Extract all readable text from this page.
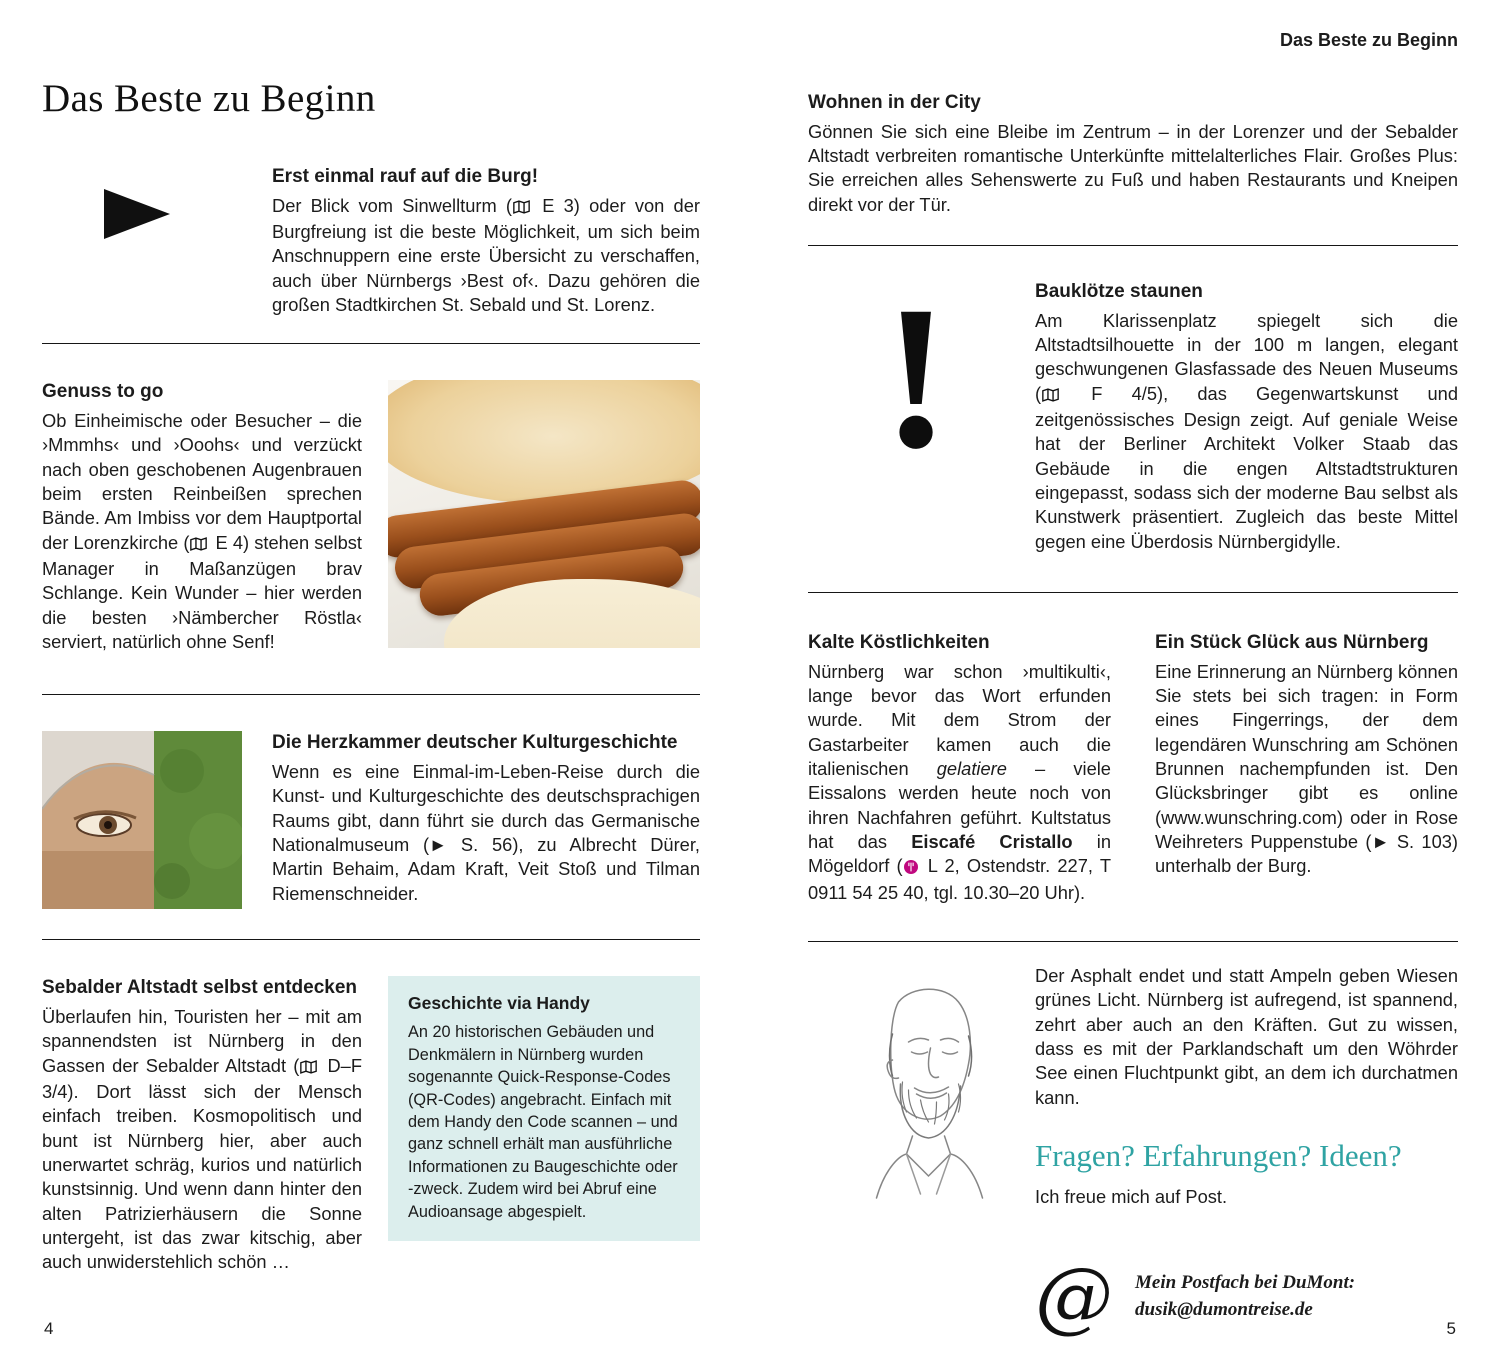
Das Beste zu Beginn
Erst einmal rauf auf die Burg!

Der Blick vom Sinwellturm ( E 3) oder von der Burgfreiung ist die beste Möglichkeit, um sich beim Anschnuppern eine erste Übersicht zu verschaffen, auch über Nürnbergs ›Best of‹. Dazu gehören die großen Stadtkirchen St. Sebald und St. Lorenz.

Genuss to go

Ob Einheimische oder Besucher – die ›Mmmhs‹ und ›Ooohs‹ und verzückt nach oben geschobenen Augenbrauen beim ersten Reinbeißen sprechen Bände. Am Imbiss vor dem Hauptportal der Lorenzkirche ( E 4) stehen selbst Manager in Maßanzügen brav Schlange. Kein Wunder – hier werden die besten ›Nämbercher Röstla‹ serviert, natürlich ohne Senf!

Die Herzkammer deutscher Kulturgeschichte

Wenn es eine Einmal-im-Leben-Reise durch die Kunst- und Kulturgeschichte des deutschsprachigen Raums gibt, dann führt sie durch das Germanische Nationalmuseum (► S. 56), zu Albrecht Dürer, Martin Behaim, Adam Kraft, Veit Stoß und Tilman Riemenschneider.

Sebalder Altstadt selbst entdecken

Überlaufen hin, Touristen her – mit am spannendsten ist Nürnberg in den Gassen der Sebalder Altstadt ( D–F 3/4). Dort lässt sich der Mensch einfach treiben. Kosmopolitisch und bunt ist Nürnberg hier, aber auch unerwartet schräg, kurios und natürlich kunstsinnig. Und wenn dann hinter den alten Patrizierhäusern die Sonne untergeht, ist das zwar kitschig, aber auch unwiderstehlich schön …

Geschichte via Handy

An 20 historischen Gebäuden und Denkmälern in Nürnberg wurden sogenannte Quick-Response-Codes (QR-Codes) angebracht. Einfach mit dem Handy den Code scannen – und ganz schnell erhält man ausführliche Informationen zu Baugeschichte oder -zweck. Zudem wird bei Abruf eine Audioansage abgespielt.

4
Das Beste zu Beginn
Wohnen in der City

Gönnen Sie sich eine Bleibe im Zentrum – in der Lorenzer und der Sebalder Altstadt verbreiten romantische Unterkünfte mittelalterliches Flair. Großes Plus: Sie erreichen alles Sehenswerte zu Fuß und haben Restaurants und Kneipen direkt vor der Tür.

!	Bauklötze staunen

Am Klarissenplatz spiegelt sich die Altstadtsilhouette in der 100 m langen, elegant geschwungenen Glasfassade des Neuen Museums ( F 4/5), das Gegenwartskunst und zeitgenössisches Design zeigt. Auf geniale Weise hat der Berliner Architekt Volker Staab das Gebäude in die engen Altstadtstrukturen eingepasst, sodass sich der moderne Bau selbst als Kunstwerk präsentiert. Zugleich das beste Mittel gegen eine Überdosis Nürnbergidylle.

Kalte Köstlichkeiten

Nürnberg war schon ›multikulti‹, lange bevor das Wort erfunden wurde. Mit dem Strom der Gastarbeiter kamen auch die italienischen gelatiere – viele Eissalons werden heute noch von ihren Nachfahren geführt. Kultstatus hat das Eiscafé Cristallo in Mögeldorf ( L 2, Ostendstr. 227, T 0911 54 25 40, tgl. 10.30–20 Uhr).

Ein Stück Glück aus Nürnberg

Eine Erinnerung an Nürnberg können Sie stets bei sich tragen: in Form eines Fingerrings, der dem legendären Wunschring am Schönen Brunnen nachempfunden ist. Den Glücksbringer gibt es online (www.wunschring.com) oder in Rose Weihreters Puppenstube (► S. 103) unterhalb der Burg.

Der Asphalt endet und statt Ampeln geben Wiesen grünes Licht. Nürnberg ist aufregend, ist spannend, zehrt aber auch an den Kräften. Gut zu wissen, dass es mit der Parklandschaft um den Wöhrder See einen Fluchtpunkt gibt, an dem ich durchatmen kann.

Fragen? Erfahrungen? Ideen?

Ich freue mich auf Post.

@ Mein Postfach bei DuMont:
dusik@dumontreise.de
5
